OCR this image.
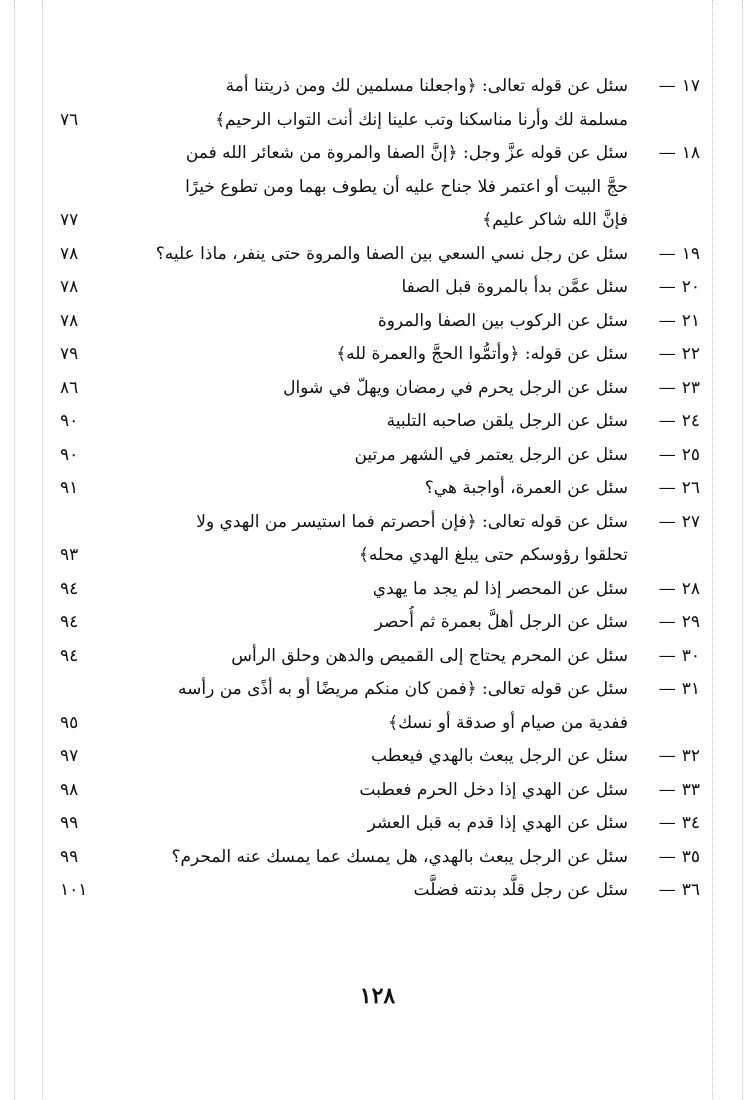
١٧—
سئل عن قوله تعالى: ﴿واجعلنا مسلمين لك ومن ذريتنا أمة
مسلمة لك وأرنا مناسكنا وتب علينا إنك أنت التواب الرحيم﴾
٧٦
١٨—
سئل عن قوله عزَّ وجل: ﴿إنَّ الصفا والمروة من شعائر الله فمن
حجَّ البيت أو اعتمر فلا جناح عليه أن يطوف بهما ومن تطوع خيرًا
فإنَّ الله شاكر عليم﴾
٧٧
١٩—
سئل عن رجل نسي السعي بين الصفا والمروة حتى ينفر، ماذا عليه؟
٧٨
٢٠—
سئل عمَّن بدأ بالمروة قبل الصفا
٧٨
٢١—
سئل عن الركوب بين الصفا والمروة
٧٨
٢٢—
سئل عن قوله: ﴿وأتمُّوا الحجَّ والعمرة لله﴾
٧٩
٢٣—
سئل عن الرجل يحرم في رمضان ويهلّ في شوال
٨٦
٢٤—
سئل عن الرجل يلقن صاحبه التلبية
٩٠
٢٥—
سئل عن الرجل يعتمر في الشهر مرتين
٩٠
٢٦—
سئل عن العمرة، أواجبة هي؟
٩١
٢٧—
سئل عن قوله تعالى: ﴿فإن أحصرتم فما استيسر من الهدي ولا
تحلقوا رؤوسكم حتى يبلغ الهدي محله﴾
٩٣
٢٨—
سئل عن المحصر إذا لم يجد ما يهدي
٩٤
٢٩—
سئل عن الرجل أهلَّ بعمرة ثم أُحصر
٩٤
٣٠—
سئل عن المحرم يحتاج إلى القميص والدهن وحلق الرأس
٩٤
٣١—
سئل عن قوله تعالى: ﴿فمن كان منكم مريضًا أو به أذًى من رأسه
ففدية من صيام أو صدقة أو نسك﴾
٩٥
٣٢—
سئل عن الرجل يبعث بالهدي فيعطب
٩٧
٣٣—
سئل عن الهدي إذا دخل الحرم فعطبت
٩٨
٣٤—
سئل عن الهدي إذا قدم به قبل العشر
٩٩
٣٥—
سئل عن الرجل يبعث بالهدي، هل يمسك عما يمسك عنه المحرم؟
٩٩
٣٦—
سئل عن رجل قلَّد بدنته فضلَّت
١٠١
١٢٨
